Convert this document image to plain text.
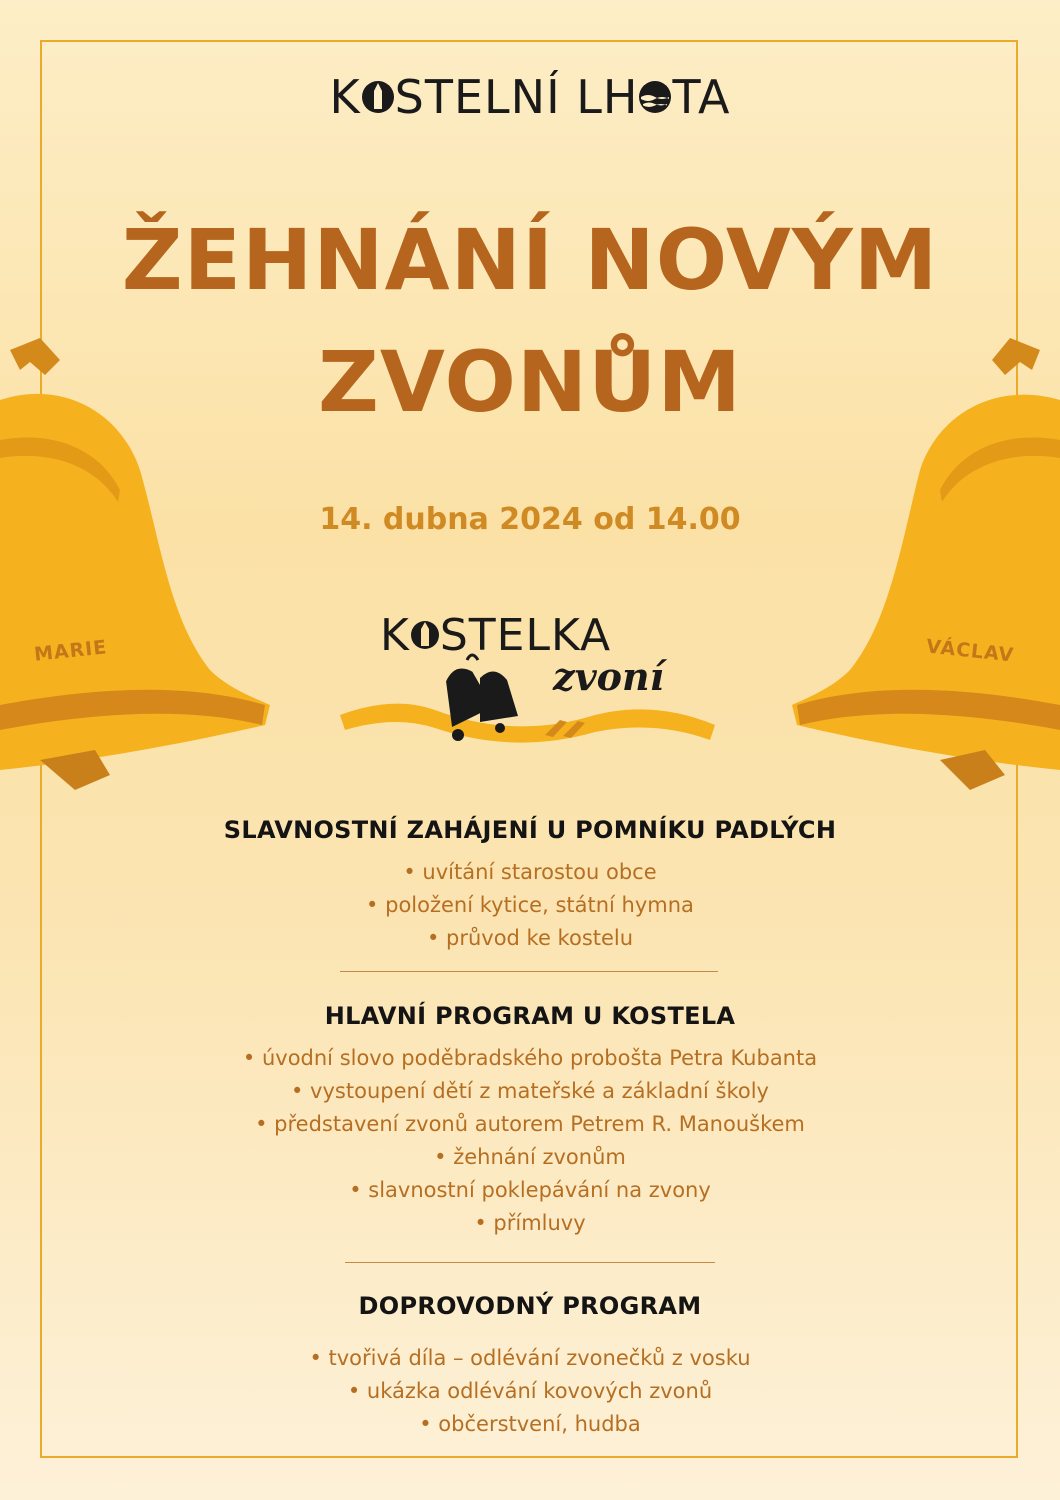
MARIE	VÁCLAV
K STELNÍ LH TA
ŽEHNÁNÍ NOVÝM
ZVONŮM
14. dubna 2024 od 14.00
K STELKA
zvoní

SLAVNOSTNÍ ZAHÁJENÍ U POMNÍKU PADLÝCH

• uvítání starostou obce

• položení kytice, státní hymna

• průvod ke kostelu

HLAVNÍ PROGRAM U KOSTELA

• úvodní slovo poděbradského probošta Petra Kubanta

• vystoupení dětí z mateřské a základní školy

• představení zvonů autorem Petrem R. Manouškem

• žehnání zvonům

• slavnostní poklepávání na zvony

• přímluvy

DOPROVODNÝ PROGRAM

• tvořivá díla – odlévání zvonečků z vosku

• ukázka odlévání kovových zvonů

• občerstvení, hudba
